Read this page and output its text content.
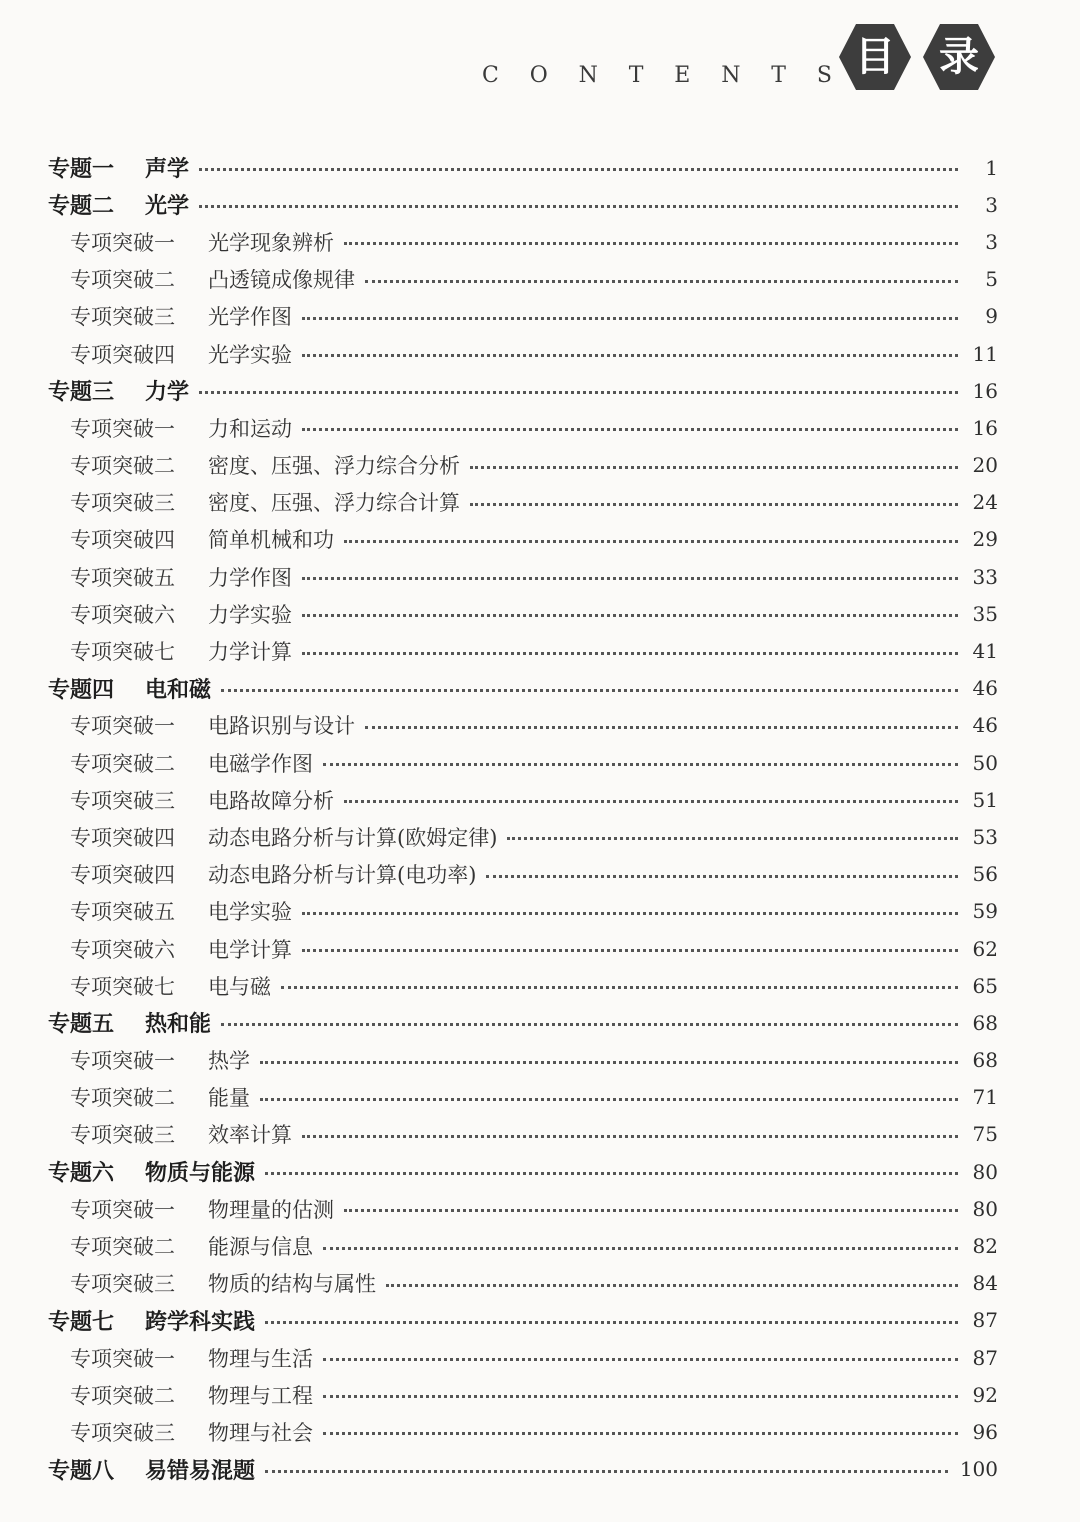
C O N T E N T S 目	录
专题一	声学	1
专题二	光学	3
专项突破一	光学现象辨析	3
专项突破二	凸透镜成像规律	5
专项突破三	光学作图	9
专项突破四	光学实验	11
专题三	力学	16
专项突破一	力和运动	16
专项突破二	密度、压强、浮力综合分析	20
专项突破三	密度、压强、浮力综合计算	24
专项突破四	简单机械和功	29
专项突破五	力学作图	33
专项突破六	力学实验	35
专项突破七	力学计算	41
专题四	电和磁	46
专项突破一	电路识别与设计	46
专项突破二	电磁学作图	50
专项突破三	电路故障分析	51
专项突破四	动态电路分析与计算(欧姆定律)	53
专项突破四	动态电路分析与计算(电功率)	56
专项突破五	电学实验	59
专项突破六	电学计算	62
专项突破七	电与磁	65
专题五	热和能	68
专项突破一	热学	68
专项突破二	能量	71
专项突破三	效率计算	75
专题六	物质与能源	80
专项突破一	物理量的估测	80
专项突破二	能源与信息	82
专项突破三	物质的结构与属性	84
专题七	跨学科实践	87
专项突破一	物理与生活	87
专项突破二	物理与工程	92
专项突破三	物理与社会	96
专题八	易错易混题	100
